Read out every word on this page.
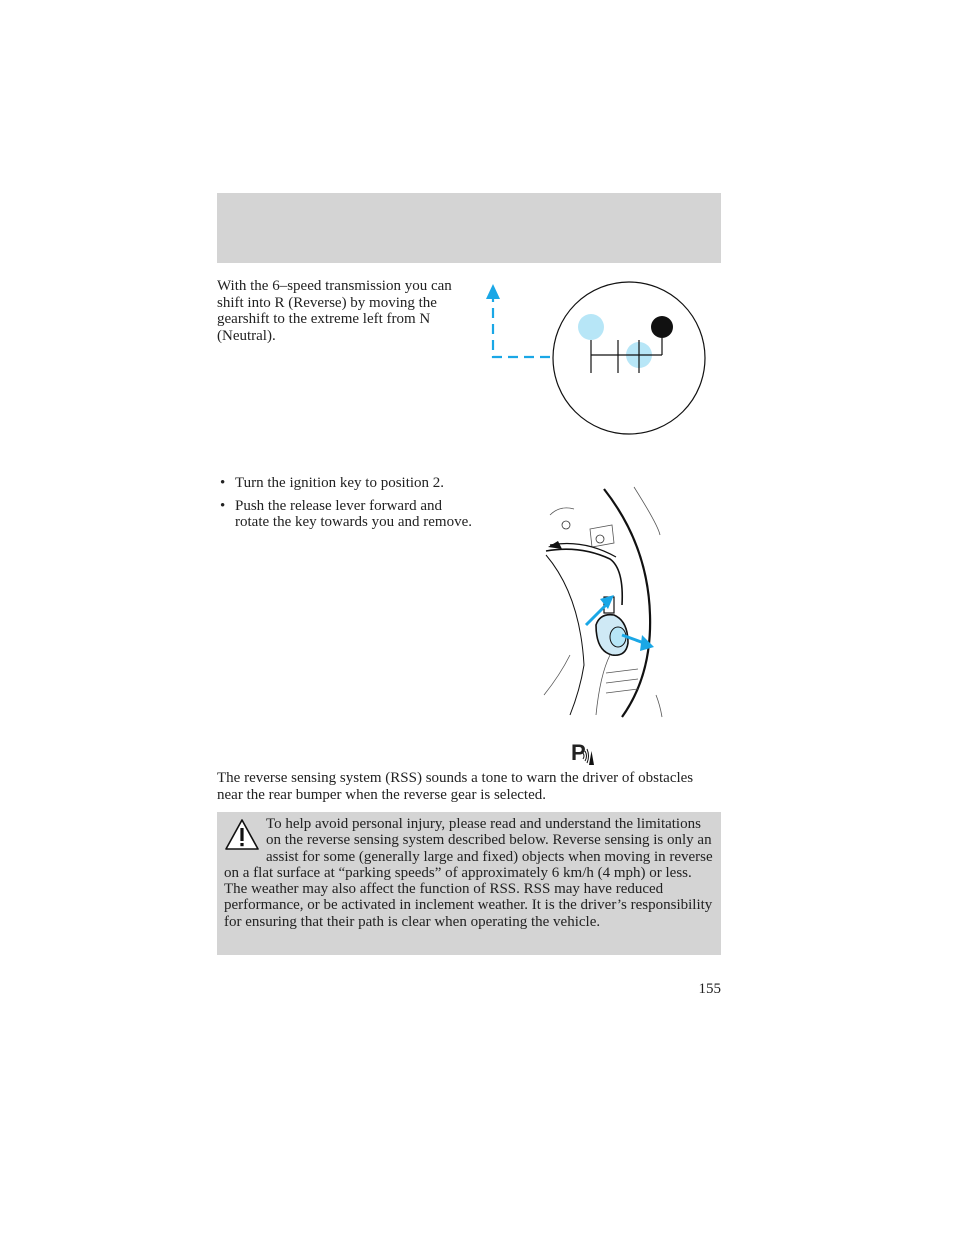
With the 6–speed transmission you can shift into R (Reverse) by moving the gearshift to the extreme left from N (Neutral).

• Turn the ignition key to position 2.
• Push the release lever forward and rotate the key towards you and remove.
P

The reverse sensing system (RSS) sounds a tone to warn the driver of obstacles near the rear bumper when the reverse gear is selected.

To help avoid personal injury, please read and understand the limitations on the reverse sensing system described below. Reverse sensing is only an assist for some (generally large and fixed) objects when moving in reverse on a flat surface at “parking speeds” of approximately 6 km/h (4 mph) or less. The weather may also affect the function of RSS. RSS may have reduced performance, or be activated in inclement weather. It is the driver’s responsibility for ensuring that their path is clear when operating the vehicle.
155
